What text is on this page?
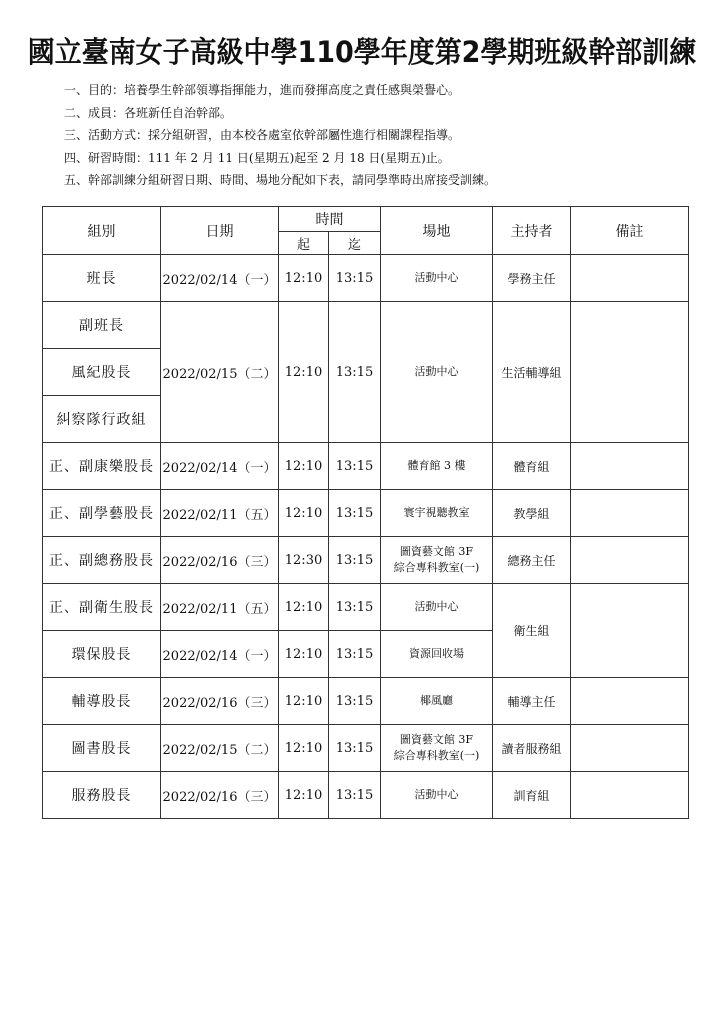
國立臺南女子高級中學110學年度第2學期班級幹部訓練
一、目的：培養學生幹部領導指揮能力，進而發揮高度之責任感與榮譽心。
二、成員：各班新任自治幹部。
三、活動方式：採分組研習，由本校各處室依幹部屬性進行相關課程指導。
四、研習時間：111 年 2 月 11 日(星期五)起至 2 月 18 日(星期五)止。
五、幹部訓練分組研習日期、時間、場地分配如下表，請同學準時出席接受訓練。
組別	日期	時間		場地	主持者	備註
		起	迄			
班長	2022/02/14（一）	12:10	13:15	活動中心	學務主任	
副班長	2022/02/15（二）	12:10	13:15	活動中心	生活輔導組	
風紀股長						
糾察隊行政組						
正、副康樂股長	2022/02/14（一）	12:10	13:15	體育館 3 樓	體育組	
正、副學藝股長	2022/02/11（五）	12:10	13:15	寰宇視聽教室	教學組	
正、副總務股長	2022/02/16（三）	12:30	13:15	圖資藝文館 3F
綜合專科教室(一)	總務主任	
正、副衛生股長	2022/02/11（五）	12:10	13:15	活動中心	衛生組	
環保股長	2022/02/14（一）	12:10	13:15	資源回收場		
輔導股長	2022/02/16（三）	12:10	13:15	椰風廳	輔導主任	
圖書股長	2022/02/15（二）	12:10	13:15	圖資藝文館 3F
綜合專科教室(一)	讀者服務組	
服務股長	2022/02/16（三）	12:10	13:15	活動中心	訓育組	
